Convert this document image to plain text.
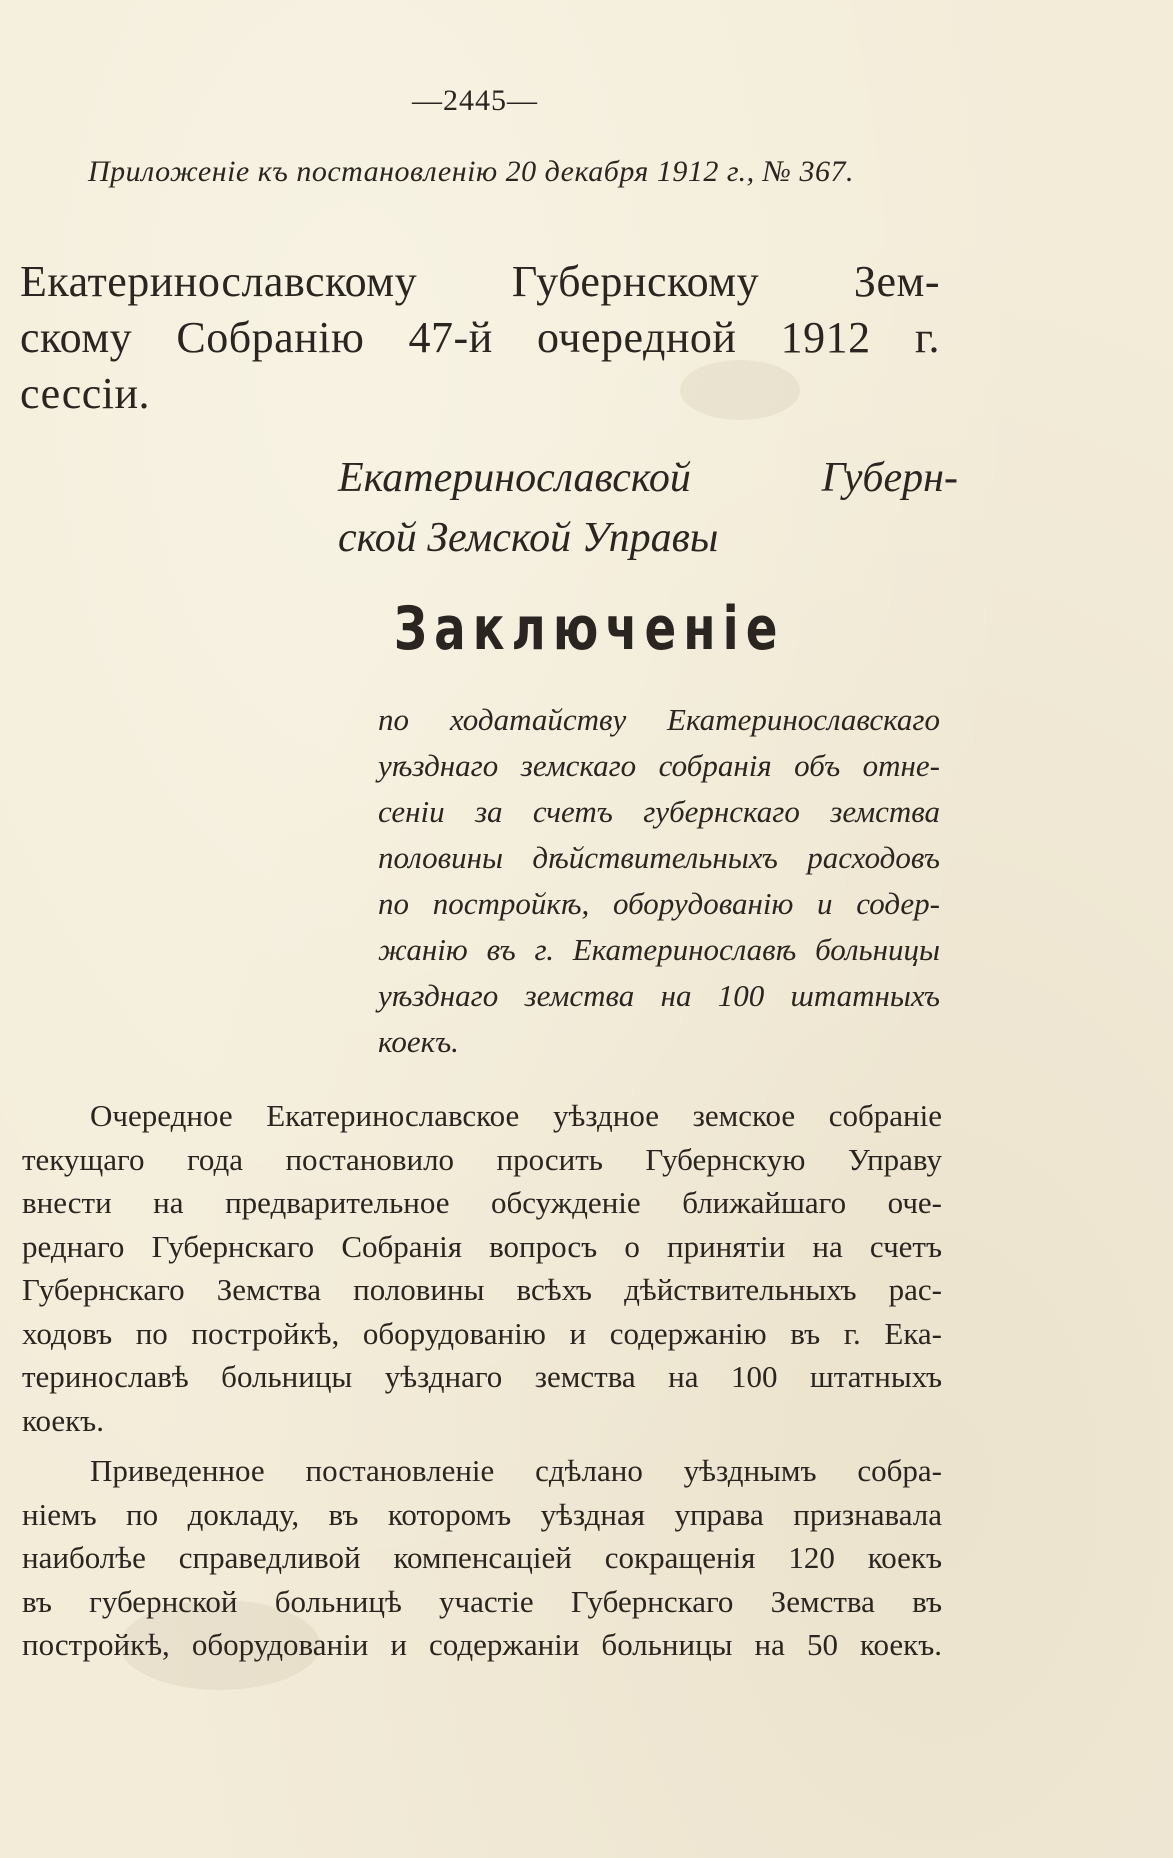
—2445—
Приложенiе къ постановленiю 20 декабря 1912 г., № 367.
Екатеринославскому Губернскому Зем-
скому Собранiю 47-й очередной 1912 г.
сессiи.
Екатеринославской Губерн-
ской Земской Управы
Заключенiе
по ходатайству Екатеринославскаго
уѣзднаго земскаго собранiя объ отне-
сенiи за счетъ губернскаго земства
половины дѣйствительныхъ расходовъ
по постройкѣ, оборудованiю и содер-
жанiю въ г. Екатеринославѣ больницы
уѣзднаго земства на 100 штатныхъ
коекъ.
Очередное Екатеринославское уѣздное земское собранiе
текущаго года постановило просить Губернскую Управу
внести на предварительное обсужденiе ближайшаго оче-
реднаго Губернскаго Собранiя вопросъ о принятiи на счетъ
Губернскаго Земства половины всѣхъ дѣйствительныхъ рас-
ходовъ по постройкѣ, оборудованiю и содержанiю въ г. Ека-
теринославѣ больницы уѣзднаго земства на 100 штатныхъ
коекъ.
Приведенное постановленiе сдѣлано уѣзднымъ собра-
нiемъ по докладу, въ которомъ уѣздная управа признавала
наиболѣе справедливой компенсацiей сокращенiя 120 коекъ
въ губернской больницѣ участiе Губернскаго Земства въ
постройкѣ, оборудованiи и содержанiи больницы на 50 коекъ.
